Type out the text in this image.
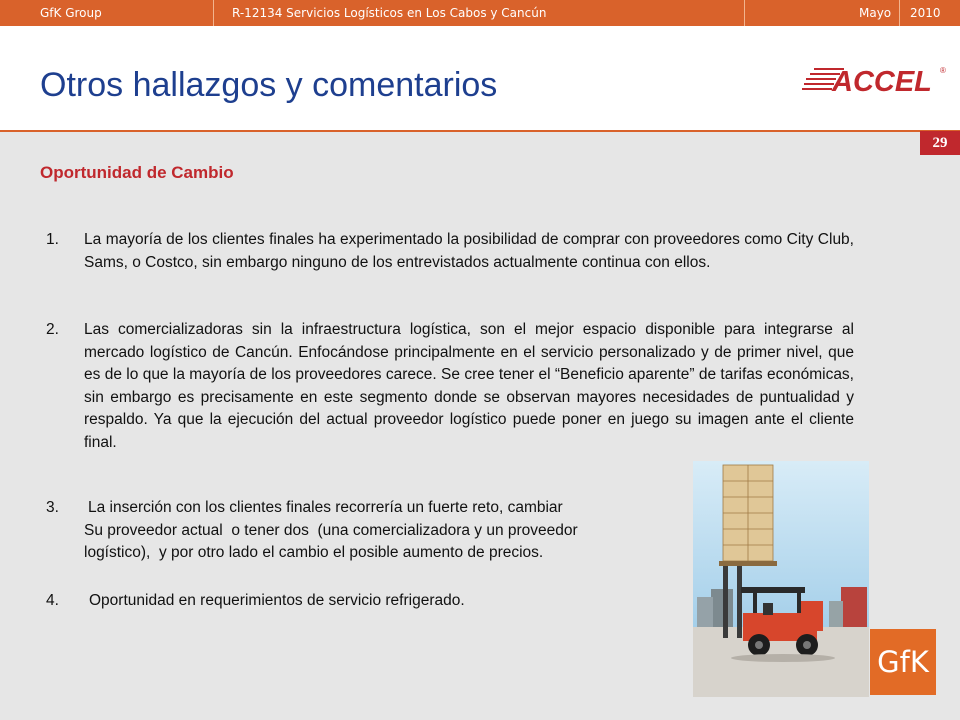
GfK Group	R-12134 Servicios Logísticos en Los Cabos y Cancún	Mayo	2010
Otros hallazgos y comentarios	ACCEL ®
29
Oportunidad de Cambio
1. La mayoría de los clientes finales ha experimentado la posibilidad de comprar con proveedores como City Club, Sams, o Costco, sin embargo ninguno de los entrevistados actualmente continua con ellos.
2. Las comercializadoras sin la infraestructura logística, son el mejor espacio disponible para integrarse al mercado logístico de Cancún. Enfocándose principalmente en el servicio personalizado y de primer nivel, que es de lo que la mayoría de los proveedores carece. Se cree tener el “Beneficio aparente” de tarifas económicas, sin embargo es precisamente en este segmento donde se observan mayores necesidades de puntualidad y respaldo. Ya que la ejecución del actual proveedor logístico puede poner en juego su imagen ante el cliente final.
3. La inserción con los clientes finales recorrería un fuerte reto, cambiar
Su proveedor actual  o tener dos  (una comercializadora y un proveedor
logístico),  y por otro lado el cambio el posible aumento de precios.
4.	Oportunidad en requerimientos de servicio refrigerado.
GfK
